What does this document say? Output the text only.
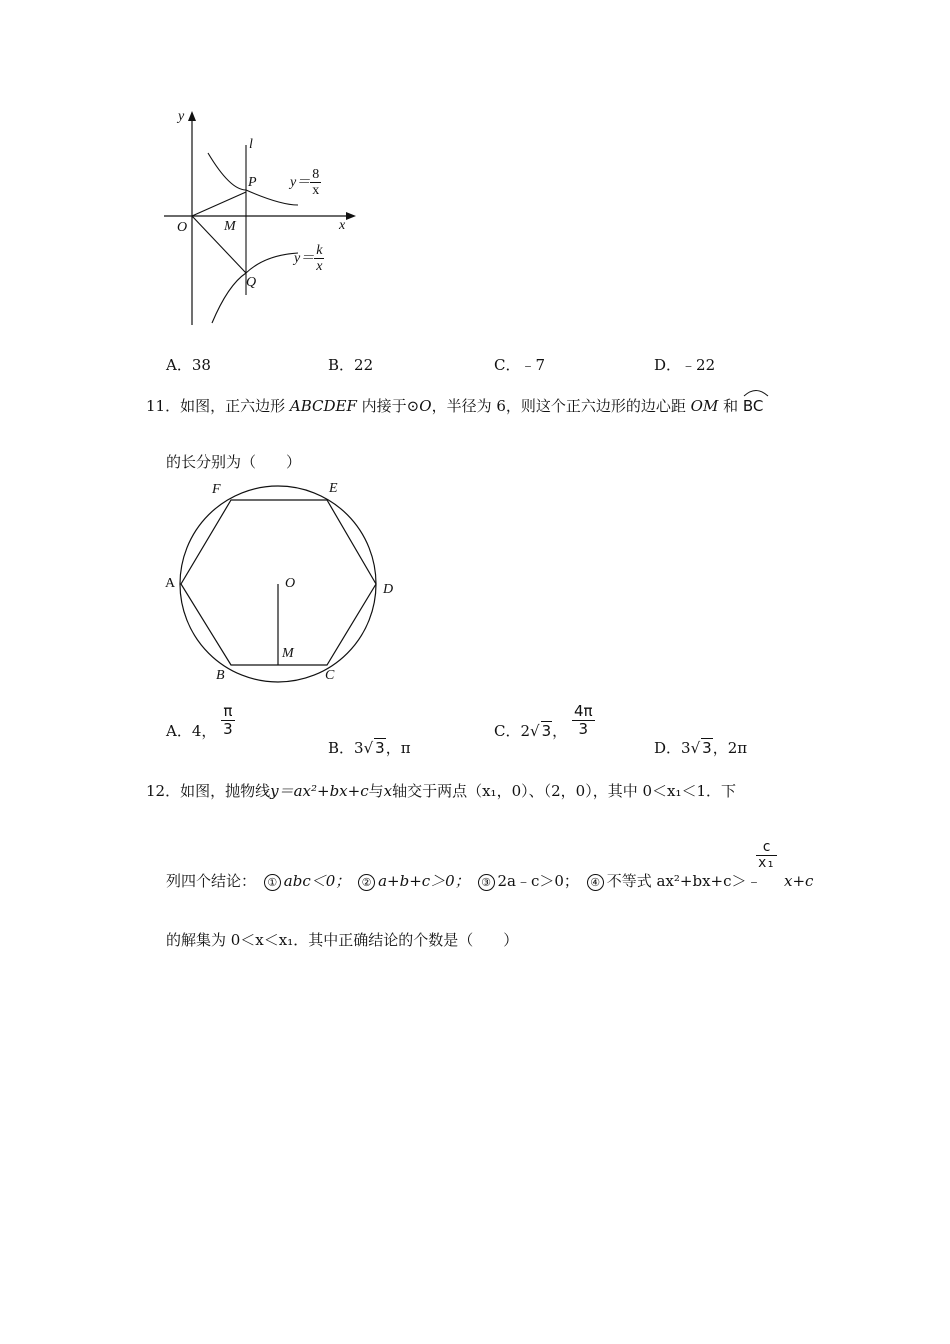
y
l
P
O	M	x
Q
$y= \frac{8}{x}$
$y= \frac{k}{x}$
A．38	B．22	C．﹣7	D．﹣22
11．如图，正六边形 ABCDEF 内接于⊙O，半径为 6，则这个正六边形的边心距 OM 和 BC
的长分别为（　　）
F	E
A	D
O
M
B	C
A．4， $\frac{\pi}{3}$
B．3√ 3，π
C．2√ 3， $\frac{4\pi}{3}$
D．3√ 3，2π
12．如图，抛物线y＝ax²+bx+c与x轴交于两点（x₁，0）、（2，0），其中 0＜x₁＜1．下
列四个结论： ① abc＜0； ② a+b+c＞0； ③ 2a﹣c＞0； ④ 不等式 ax²+bx+c＞﹣
$\frac{c}{\text{x₁}}$
x+c
的解集为 0＜x＜x₁．其中正确结论的个数是（　　）
